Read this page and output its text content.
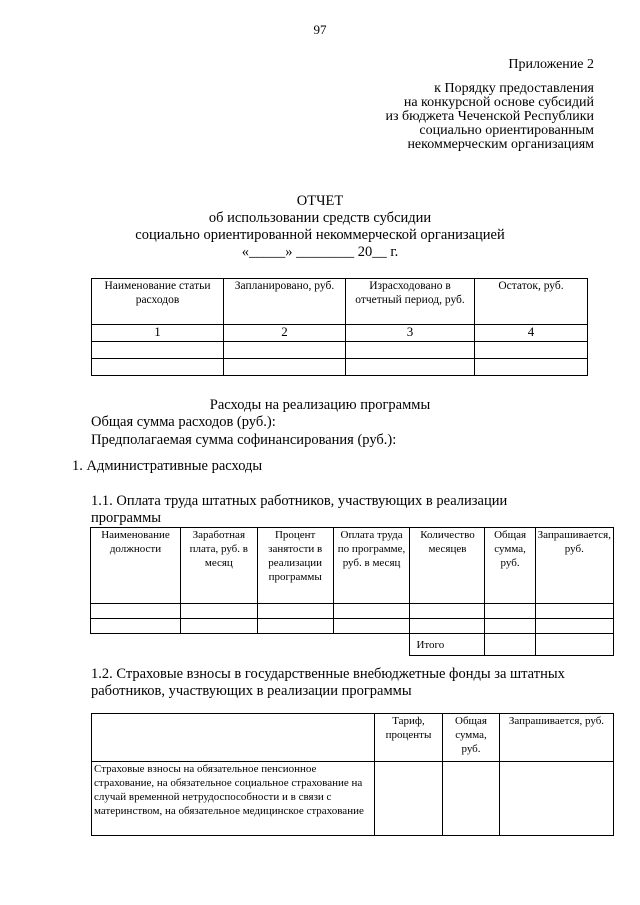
97
Приложение 2
к Порядку предоставления
на конкурсной основе субсидий
из бюджета Чеченской Республики
социально ориентированным
некоммерческим организациям
ОТЧЕТ
об использовании средств субсидии
социально ориентированной некоммерческой организацией
«_____» ________ 20__ г.
Наименование статьи расходов	Запланировано, руб.	Израсходовано в отчетный период, руб.	Остаток, руб.
1	2	3	4

Расходы на реализацию программы
Общая сумма расходов (руб.):
Предполагаемая сумма софинансирования (руб.):
1. Административные расходы
1.1. Оплата труда штатных работников, участвующих в реализации программы
Наименование должности	Заработная плата, руб. в месяц	Процент занятости в реализации программы	Оплата труда по программе, руб. в месяц	Количество месяцев	Общая сумма, руб.	Запрашивается, руб.

				Итого		
1.2. Страховые взносы в государственные внебюджетные фонды за штатных работников, участвующих в реализации программы
	Тариф, проценты	Общая сумма, руб.	Запрашивается, руб.
Страховые взносы на обязательное пенсионное страхование, на обязательное социальное страхование на случай временной нетрудоспособности и в связи с материнством, на обязательное медицинское страхование			
